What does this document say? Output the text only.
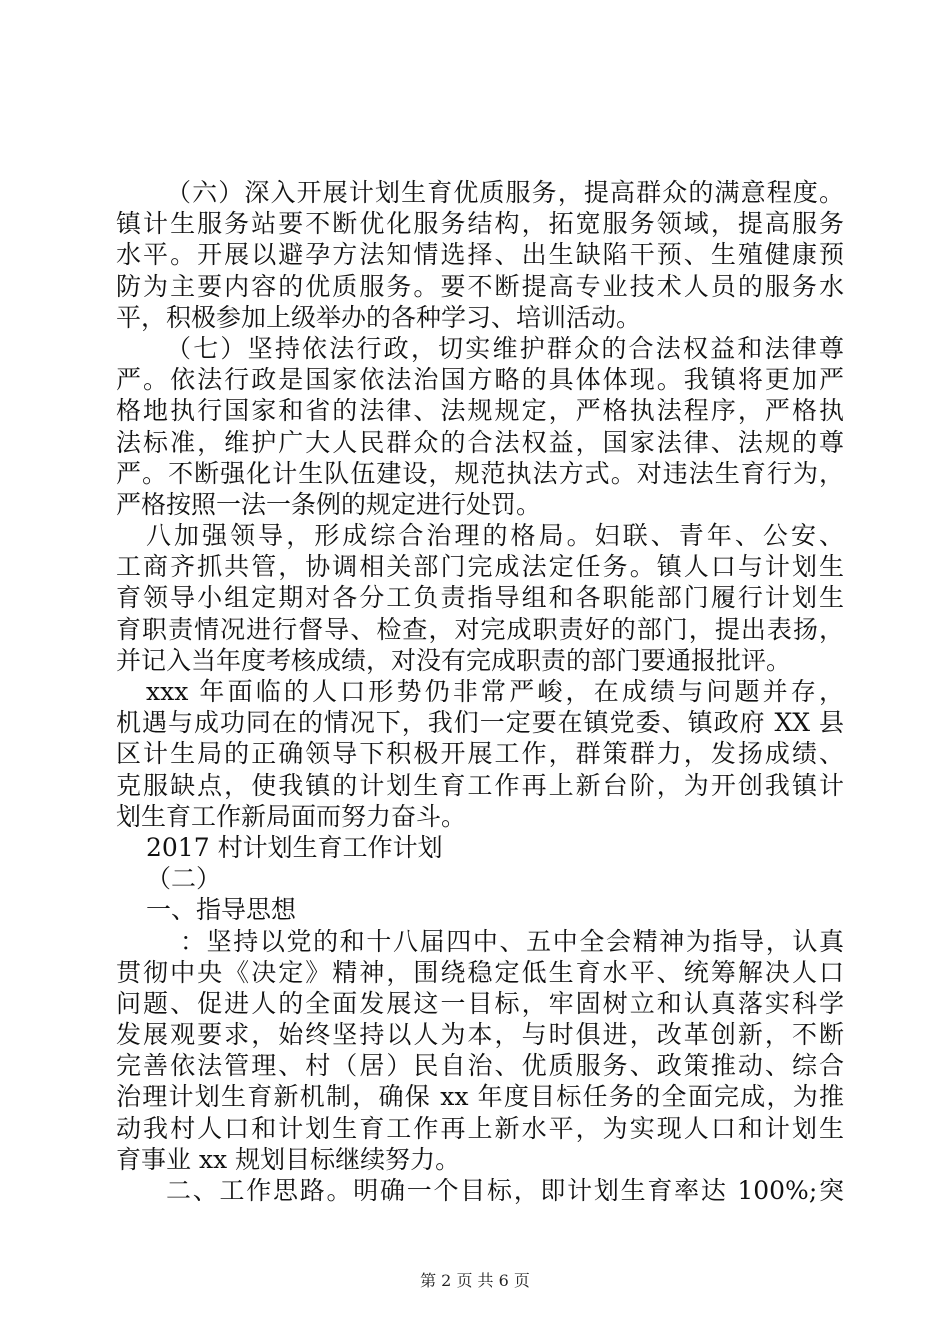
（六）深入开展计划生育优质服务，提高群众的满意程度。

镇计生服务站要不断优化服务结构，拓宽服务领域，提高服务

水平。开展以避孕方法知情选择、出生缺陷干预、生殖健康预

防为主要内容的优质服务。要不断提高专业技术人员的服务水

平，积极参加上级举办的各种学习、培训活动。

（七）坚持依法行政，切实维护群众的合法权益和法律尊

严。依法行政是国家依法治国方略的具体体现。我镇将更加严

格地执行国家和省的法律、法规规定，严格执法程序，严格执

法标准，维护广大人民群众的合法权益，国家法律、法规的尊

严。不断强化计生队伍建设，规范执法方式。对违法生育行为，

严格按照一法一条例的规定进行处罚。

八加强领导，形成综合治理的格局。妇联、青年、公安、

工商齐抓共管，协调相关部门完成法定任务。镇人口与计划生

育领导小组定期对各分工负责指导组和各职能部门履行计划生

育职责情况进行督导、检查，对完成职责好的部门，提出表扬，

并记入当年度考核成绩，对没有完成职责的部门要通报批评。

xxx 年面临的人口形势仍非常严峻，在成绩与问题并存，

机遇与成功同在的情况下，我们一定要在镇党委、镇政府 XX 县

区计生局的正确领导下积极开展工作，群策群力，发扬成绩、

克服缺点，使我镇的计划生育工作再上新台阶，为开创我镇计

划生育工作新局面而努力奋斗。

2017 村计划生育工作计划

（二）

一、指导思想

：坚持以党的和十八届四中、五中全会精神为指导，认真

贯彻中央《决定》精神，围绕稳定低生育水平、统筹解决人口

问题、促进人的全面发展这一目标，牢固树立和认真落实科学

发展观要求，始终坚持以人为本，与时俱进，改革创新，不断

完善依法管理、村（居）民自治、优质服务、政策推动、综合

治理计划生育新机制，确保 xx 年度目标任务的全面完成，为推

动我村人口和计划生育工作再上新水平，为实现人口和计划生

育事业 xx 规划目标继续努力。

二、工作思路。明确一个目标，即计划生育率达 100%;突

第 2 页 共 6 页
